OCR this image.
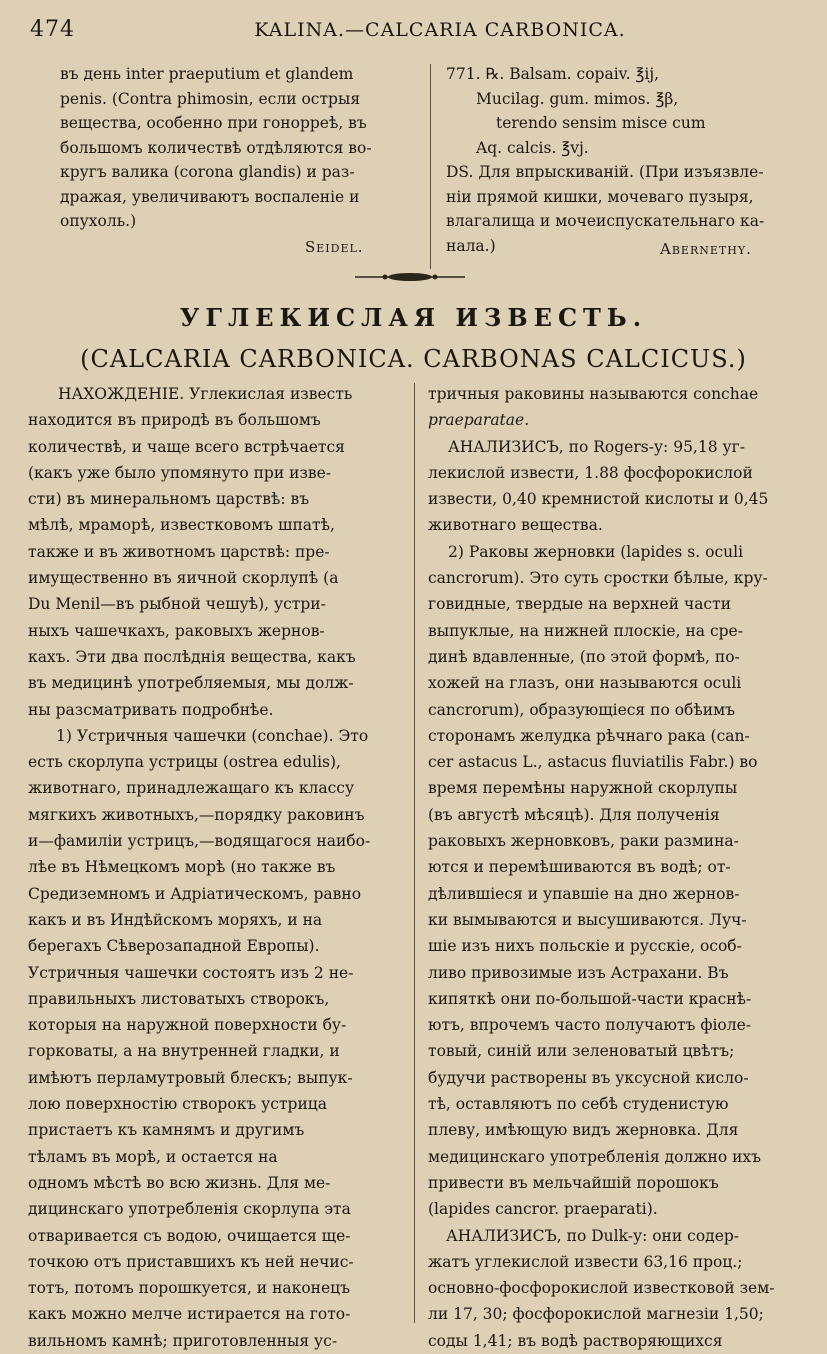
474	KALINA.—CALCARIA CARBONICA.
въ день inter praeputium et glandem
penis. (Contra phimosin, если острыя
вещества, особенно при гонорреѣ, въ
большомъ количествѣ отдѣляются во-
кругъ валика (corona glandis) и раз-
дражая, увеличиваютъ воспаленіе и
опухоль.)
Seidel.
771. ℞. Balsam. copaiv. ℥ij,
Mucilag. gum. mimos. ℥β,
terendo sensim misce cum
Aq. calcis. ℥vj.
DS. Для впрыскиваній. (При изъязвле-
ніи прямой кишки, мочеваго пузыря,
влагалища и мочеиспускательнаго ка-
нала.)	Abernethy.
УГЛЕКИСЛАЯ ИЗВЕСТЬ.
(CALCARIA CARBONICA. CARBONAS CALCICUS.)
НАХОЖДЕНІЕ. Углекислая известь
находится въ природѣ въ большомъ
количествѣ, и чаще всего встрѣчается
(какъ уже было упомянуто при изве-
сти) въ минеральномъ царствѣ: въ
мѣлѣ, мраморѣ, известковомъ шпатѣ,
также и въ животномъ царствѣ: пре-
имущественно въ яичной скорлупѣ (а
Du Menil—въ рыбной чешуѣ), устри-
ныхъ чашечкахъ, раковыхъ жернов-
кахъ. Эти два послѣднія вещества, какъ
въ медицинѣ употребляемыя, мы долж-
ны разсматривать подробнѣе.
1) Устричныя чашечки (conchae). Это
есть скорлупа устрицы (ostrea edulis),
животнаго, принадлежащаго къ классу
мягкихъ животныхъ,—порядку раковинъ
и—фамиліи устрицъ,—водящагося наибо-
лѣе въ Нѣмецкомъ морѣ (но также въ
Средиземномъ и Адріатическомъ, равно
какъ и въ Индѣйскомъ моряхъ, и на
берегахъ Сѣверозападной Европы).
Устричныя чашечки состоятъ изъ 2 не-
правильныхъ листоватыхъ створокъ,
которыя на наружной поверхности бу-
горковаты, а на внутренней гладки, и
имѣютъ перламутровый блескъ; выпук-
лою поверхностію створокъ устрица
пристаетъ къ камнямъ и другимъ
тѣламъ въ морѣ, и остается на
одномъ мѣстѣ во всю жизнь. Для ме-
дицинскаго употребленія скорлупа эта
отваривается съ водою, очищается ще-
точкою отъ приставшихъ къ ней нечис-
тотъ, потомъ порошкуется, и наконецъ
какъ можно мелче истирается на гото-
вильномъ камнѣ; приготовленныя ус-
тричныя раковины называются conchae
praeparatae.
АНАЛИЗИСЪ, по Rogers-у: 95,18 уг-
лекислой извести, 1.88 фосфорокислой
извести, 0,40 кремнистой кислоты и 0,45
животнаго вещества.
2) Раковы жерновки (lapides s. oculi
cancrorum). Это суть сростки бѣлые, кру-
говидные, твердые на верхней части
выпуклые, на нижней плоскіе, на сре-
динѣ вдавленные, (по этой формѣ, по-
хожей на глазъ, они называются oculi
cancrorum), образующіеся по обѣимъ
сторонамъ желудка рѣчнаго рака (can-
cer astacus L., astacus fluviatilis Fabr.) во
время перемѣны наружной скорлупы
(въ августѣ мѣсяцѣ). Для полученія
раковыхъ жерновковъ, раки размина-
ются и перемѣшиваются въ водѣ; от-
дѣлившіеся и упавшіе на дно жернов-
ки вымываются и высушиваются. Луч-
шіе изъ нихъ польскіе и русскіе, особ-
ливо привозимые изъ Астрахани. Въ
кипяткѣ они по-большой-части краснѣ-
ютъ, впрочемъ часто получаютъ фіоле-
товый, синій или зеленоватый цвѣтъ;
будучи растворены въ уксусной кисло-
тѣ, оставляютъ по себѣ студенистую
плеву, имѣющую видъ жерновка. Для
медицинскаго употребленія должно ихъ
привести въ мельчайшій порошокъ
(lapides cancror. praeparati).
АНАЛИЗИСЪ, по Dulk-у: они содер-
жатъ углекислой извести 63,16 проц.;
основно-фосфорокислой известковой зем-
ли 17, 30; фосфорокислой магнезіи 1,50;
соды 1,41; въ водѣ растворяющихся
